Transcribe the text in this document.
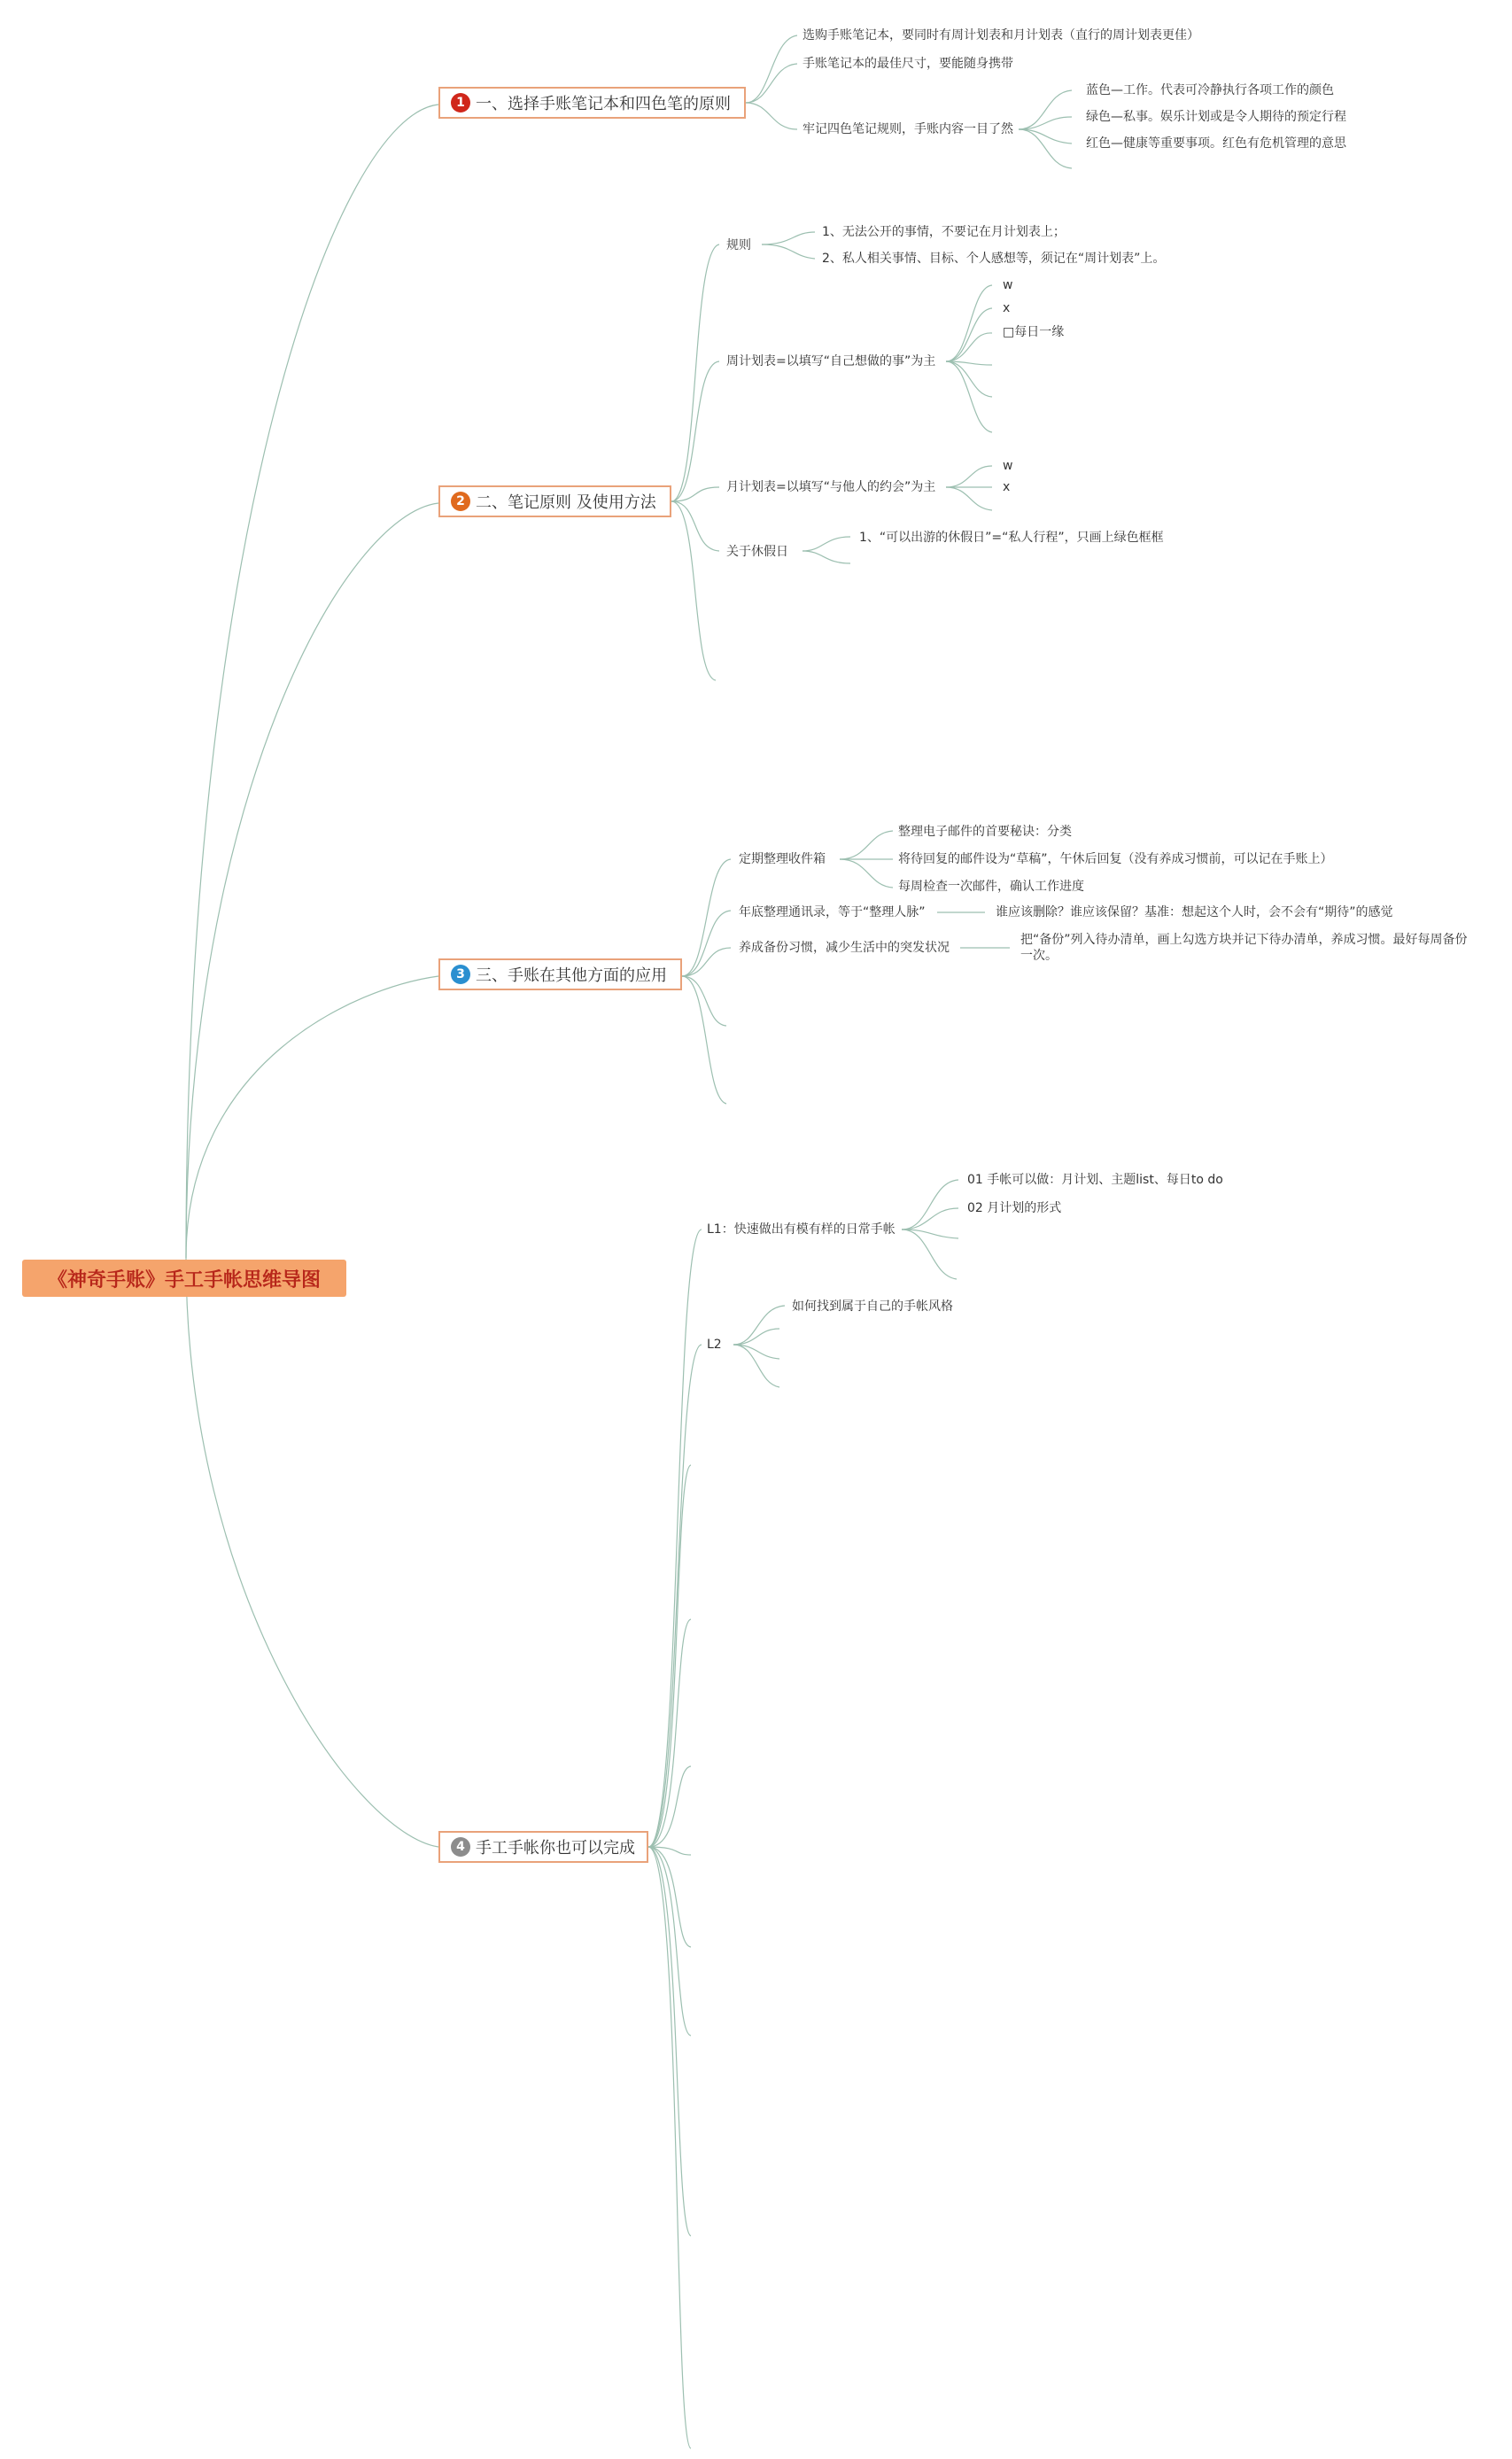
《神奇手账》手工手帐思维导图
1 一、选择手账笔记本和四色笔的原则
选购手账笔记本，要同时有周计划表和月计划表（直行的周计划表更佳）
手账笔记本的最佳尺寸，要能随身携带
牢记四色笔记规则，手账内容一目了然
蓝色—工作。代表可冷静执行各项工作的颜色
绿色—私事。娱乐计划或是令人期待的预定行程
红色—健康等重要事项。红色有危机管理的意思
2 二、笔记原则 及使用方法
规则
1、无法公开的事情，不要记在月计划表上；
2、私人相关事情、目标、个人感想等，须记在“周计划表”上。
周计划表=以填写“自己想做的事”为主
w
x
□每日一缘
月计划表=以填写“与他人的约会”为主
w
x
关于休假日
1、“可以出游的休假日”=“私人行程”，只画上绿色框框
3 三、手账在其他方面的应用
定期整理收件箱
整理电子邮件的首要秘诀：分类
将待回复的邮件设为“草稿”，午休后回复（没有养成习惯前，可以记在手账上）
每周检查一次邮件，确认工作进度
年底整理通讯录，等于“整理人脉”	谁应该删除？谁应该保留？基准：想起这个人时，会不会有“期待”的感觉
养成备份习惯，减少生活中的突发状况
把“备份”列入待办清单，画上勾选方块并记下待办清单，养成习惯。最好每周备份一次。
4 手工手帐你也可以完成
L1：快速做出有模有样的日常手帐
01 手帐可以做：月计划、主题list、每日to do
02 月计划的形式
L2
如何找到属于自己的手帐风格
